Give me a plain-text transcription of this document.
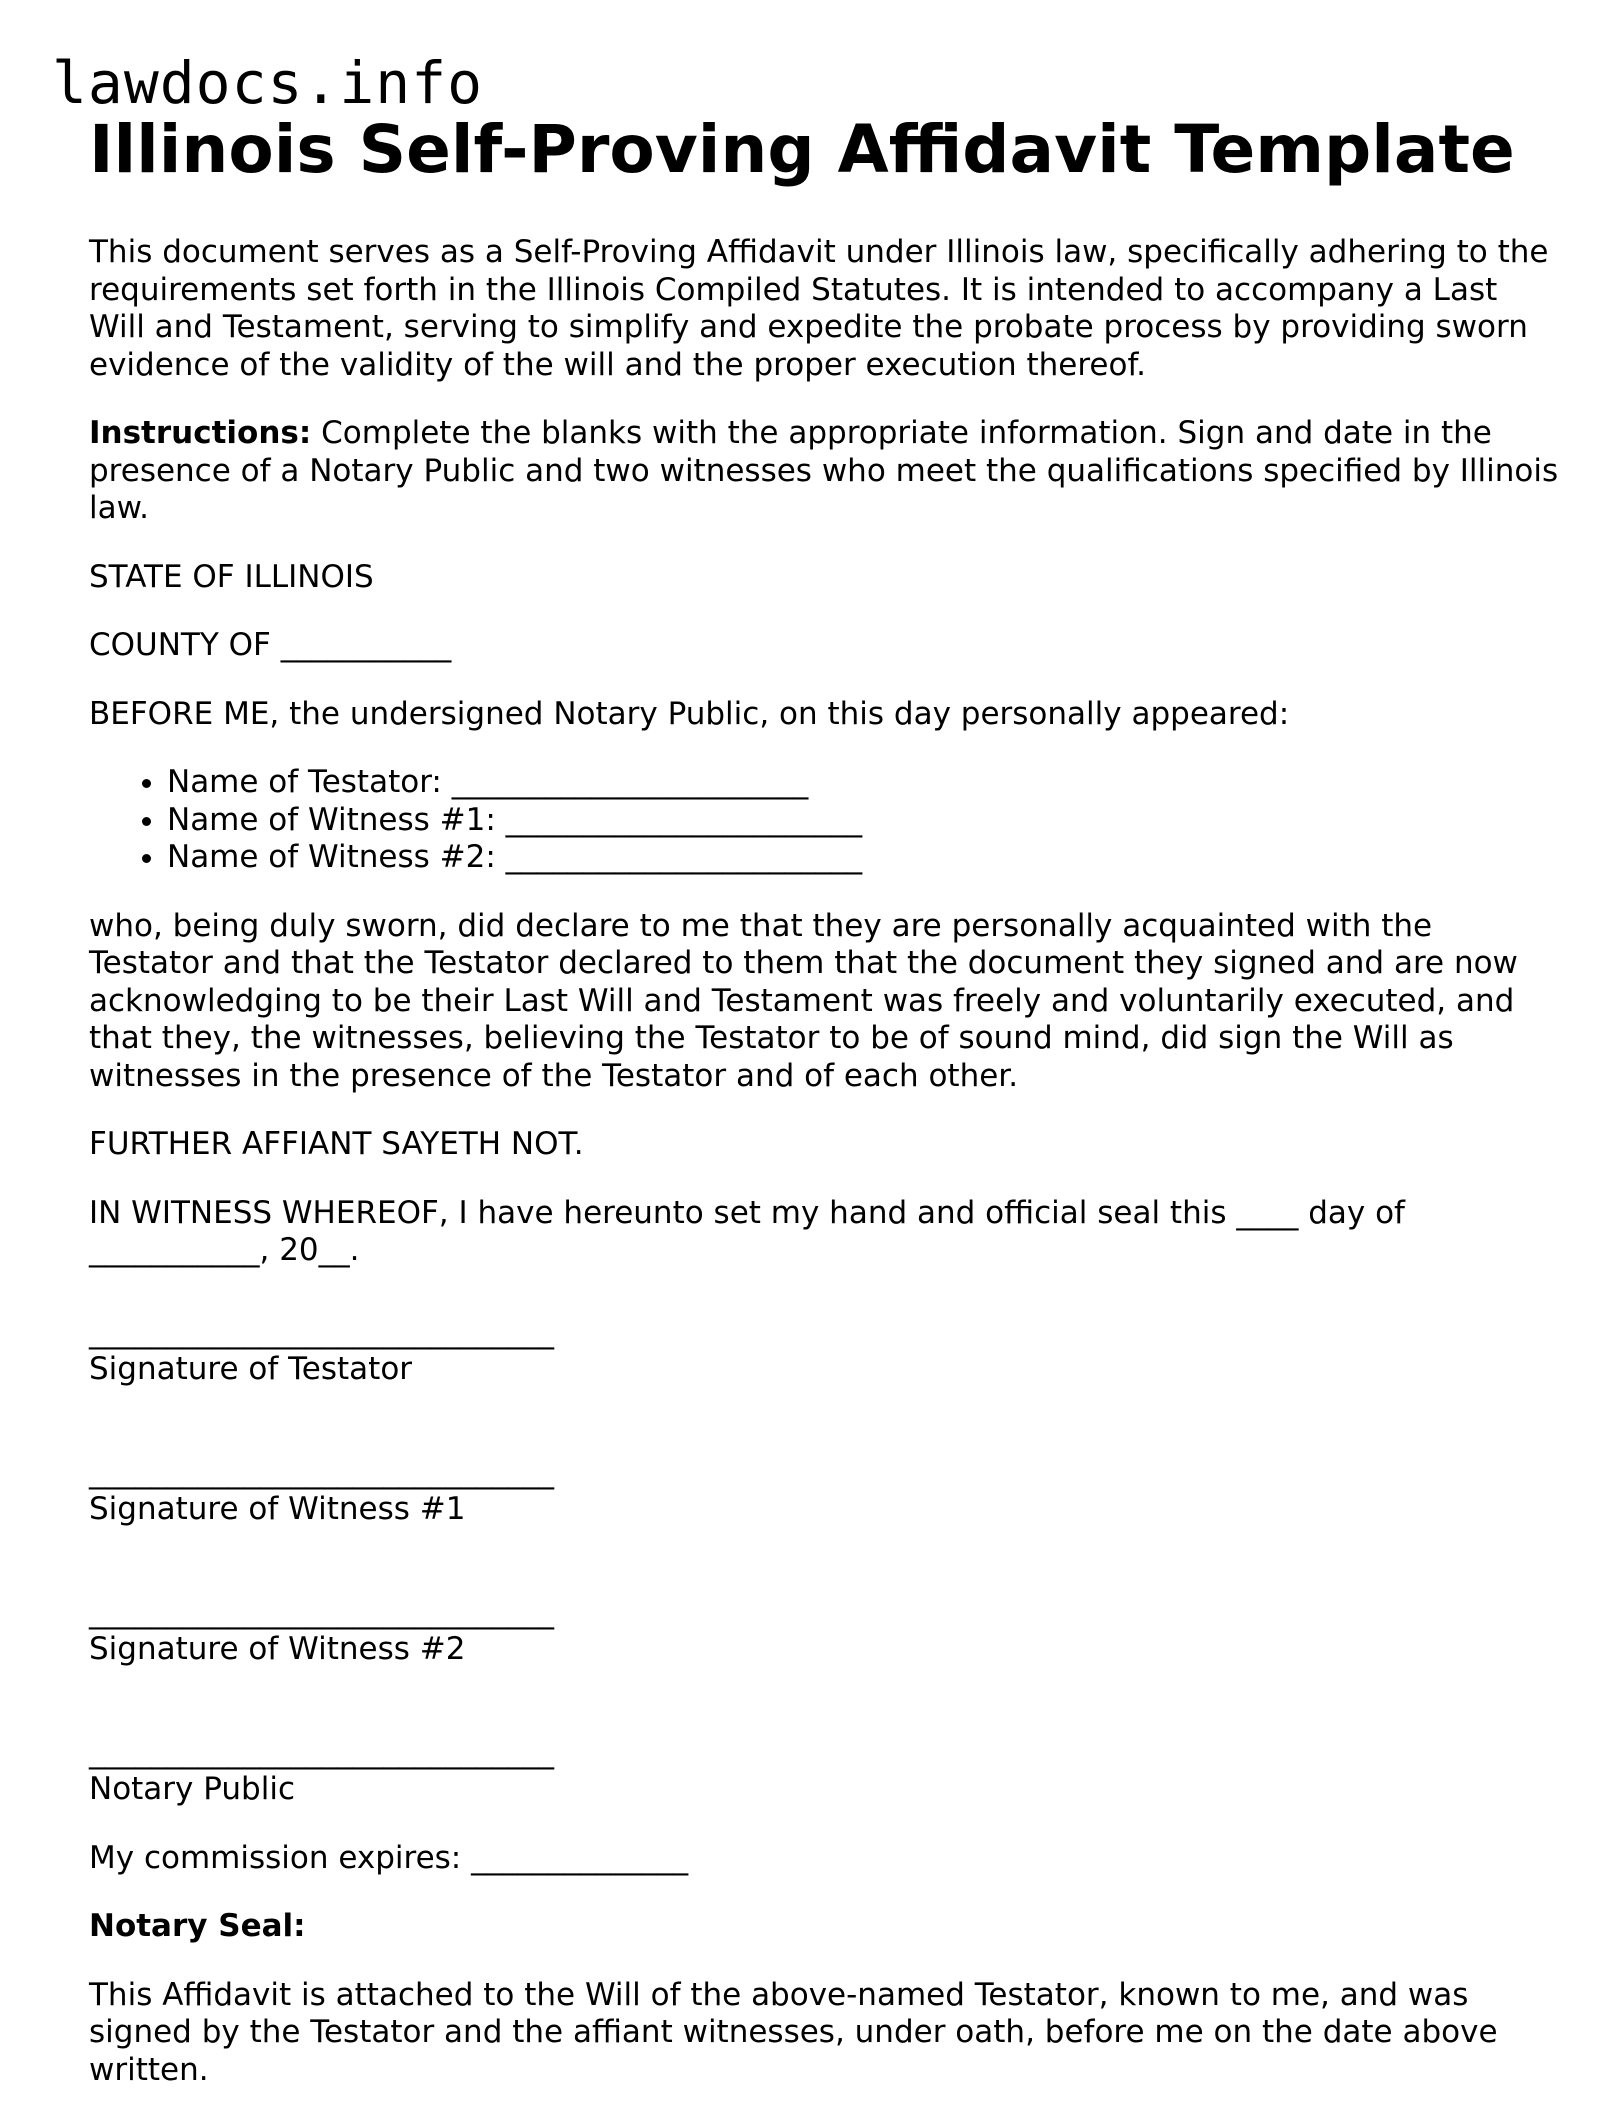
lawdocs.info
Illinois Self-Proving Affidavit Template

This document serves as a Self-Proving Affidavit under Illinois law, specifically adhering to the requirements set forth in the Illinois Compiled Statutes. It is intended to accompany a Last Will and Testament, serving to simplify and expedite the probate process by providing sworn evidence of the validity of the will and the proper execution thereof.

Instructions: Complete the blanks with the appropriate information. Sign and date in the presence of a Notary Public and two witnesses who meet the qualifications specified by Illinois law.

STATE OF ILLINOIS

COUNTY OF ___________

BEFORE ME, the undersigned Notary Public, on this day personally appeared:

• Name of Testator: _______________________
• Name of Witness #1: _______________________
• Name of Witness #2: _______________________

who, being duly sworn, did declare to me that they are personally acquainted with the Testator and that the Testator declared to them that the document they signed and are now acknowledging to be their Last Will and Testament was freely and voluntarily executed, and that they, the witnesses, believing the Testator to be of sound mind, did sign the Will as witnesses in the presence of the Testator and of each other.

FURTHER AFFIANT SAYETH NOT.

IN WITNESS WHEREOF, I have hereunto set my hand and official seal this ____ day of ___________, 20__.

______________________________
Signature of Testator
______________________________
Signature of Witness #1
______________________________
Signature of Witness #2
______________________________
Notary Public

My commission expires: ______________

Notary Seal:

This Affidavit is attached to the Will of the above-named Testator, known to me, and was signed by the Testator and the affiant witnesses, under oath, before me on the date above written.
